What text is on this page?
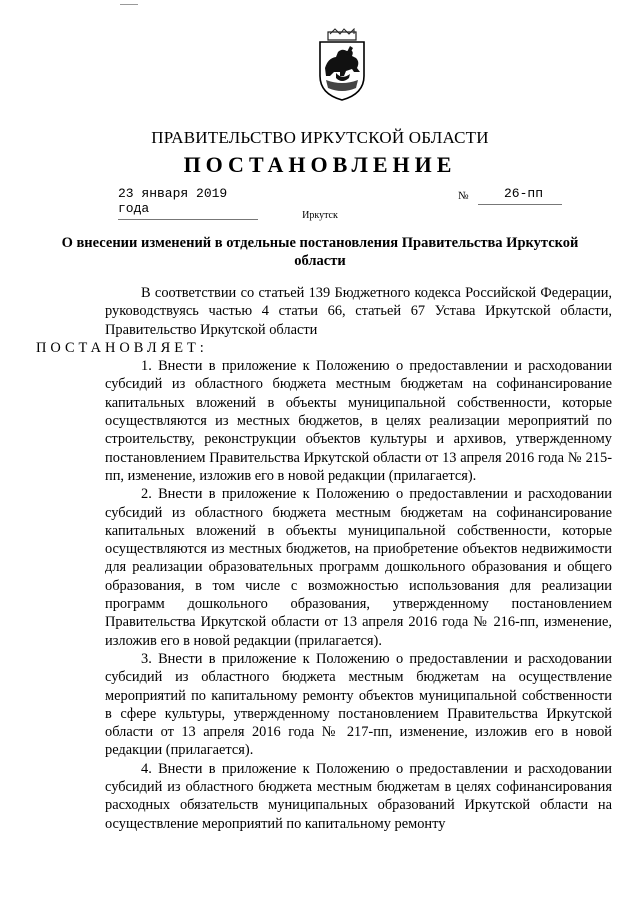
ПРАВИТЕЛЬСТВО ИРКУТСКОЙ ОБЛАСТИ
ПОСТАНОВЛЕНИЕ
23 января 2019 года
№	26-пп
Иркутск
О внесении изменений в отдельные постановления Правительства Иркутской области

В соответствии со статьей 139 Бюджетного кодекса Российской Федерации, руководствуясь частью 4 статьи 66, статьей 67 Устава Иркутской области, Правительство Иркутской области

ПОСТАНОВЛЯЕТ:

1. Внести в приложение к Положению о предоставлении и расходовании субсидий из областного бюджета местным бюджетам на софинансирование капитальных вложений в объекты муниципальной собственности, которые осуществляются из местных бюджетов, в целях реализации мероприятий по строительству, реконструкции объектов культуры и архивов, утвержденному постановлением Правительства Иркутской области от 13 апреля 2016 года № 215-пп, изменение, изложив его в новой редакции (прилагается).

2. Внести в приложение к Положению о предоставлении и расходовании субсидий из областного бюджета местным бюджетам на софинансирование капитальных вложений в объекты муниципальной собственности, которые осуществляются из местных бюджетов, на приобретение объектов недвижимости для реализации образовательных программ дошкольного образования и общего образования, в том числе с возможностью использования для реализации программ дошкольного образования, утвержденному постановлением Правительства Иркутской области от 13 апреля 2016 года № 216-пп, изменение, изложив его в новой редакции (прилагается).

3. Внести в приложение к Положению о предоставлении и расходовании субсидий из областного бюджета местным бюджетам на осуществление мероприятий по капитальному ремонту объектов муниципальной собственности в сфере культуры, утвержденному постановлением Правительства Иркутской области от 13 апреля 2016 года № 217-пп, изменение, изложив его в новой редакции (прилагается).

4. Внести в приложение к Положению о предоставлении и расходовании субсидий из областного бюджета местным бюджетам в целях софинансирования расходных обязательств муниципальных образований Иркутской области на осуществление мероприятий по капитальному ремонту
